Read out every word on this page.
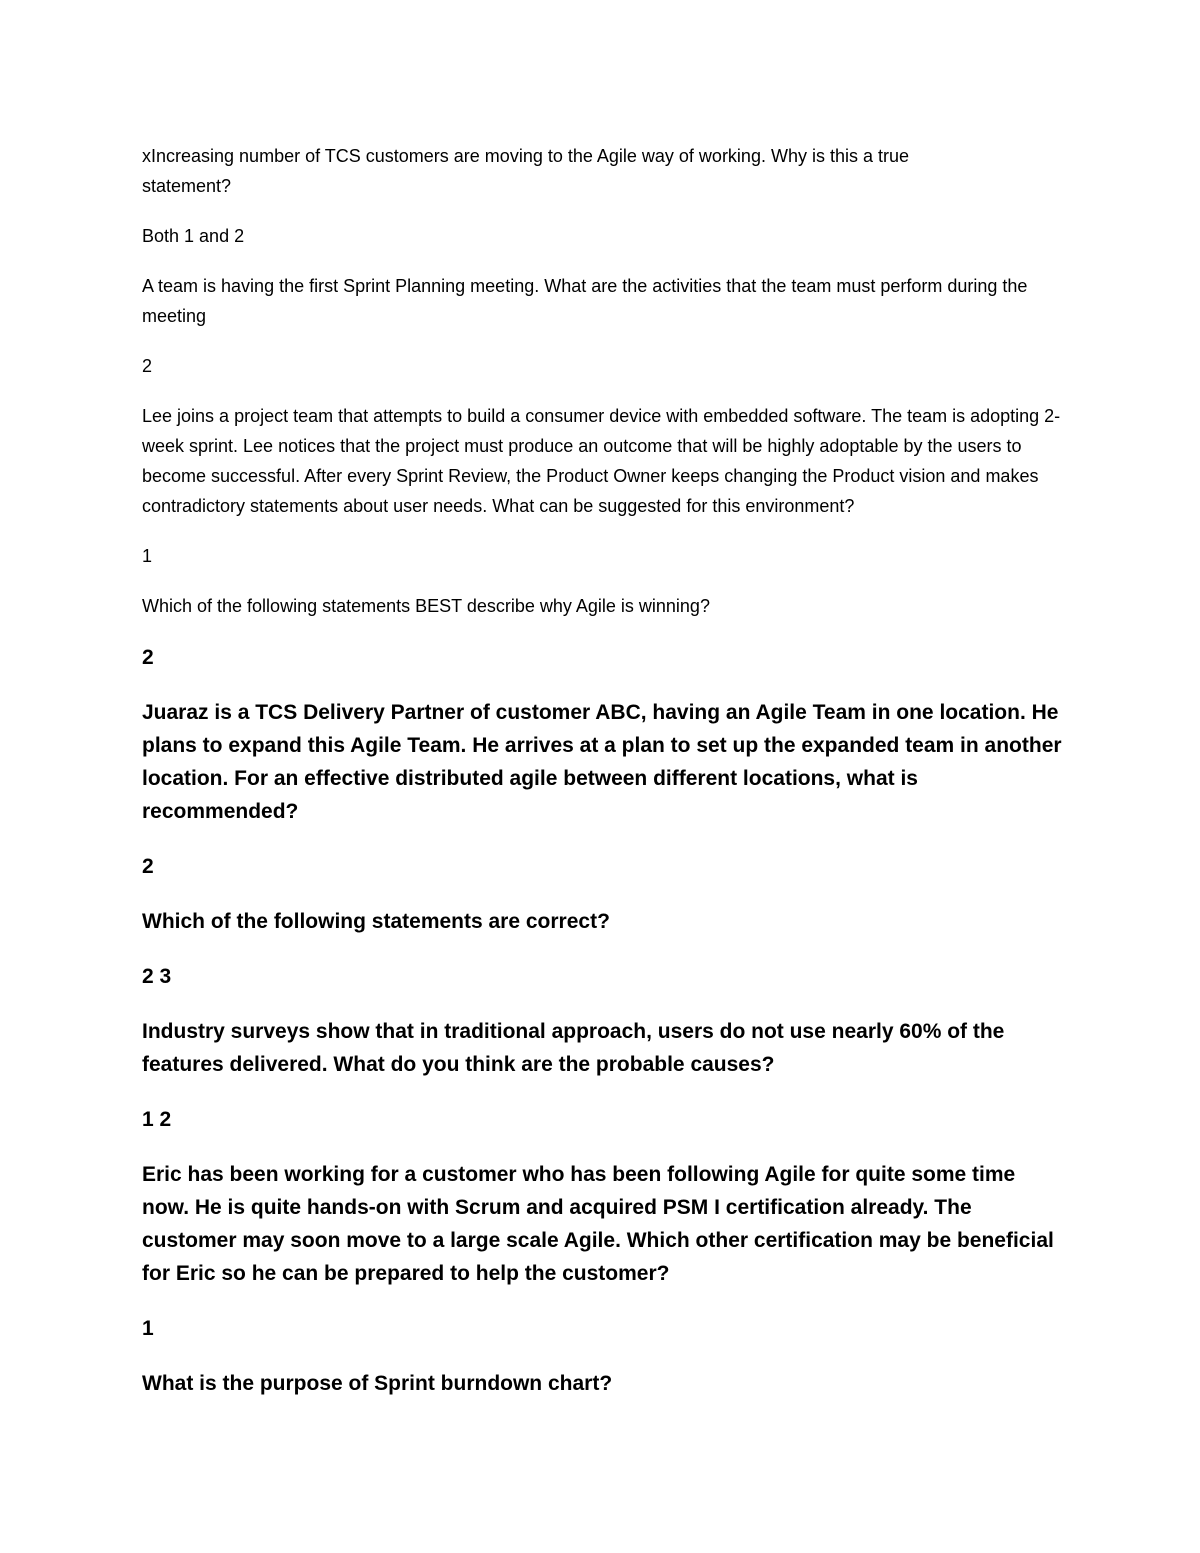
xIncreasing number of TCS customers are moving to the Agile way of working. Why is this a true statement?

Both 1 and 2

A team is having the first Sprint Planning meeting. What are the activities that the team must perform during the meeting

2

Lee joins a project team that attempts to build a consumer device with embedded software. The team is adopting 2-week sprint. Lee notices that the project must produce an outcome that will be highly adoptable by the users to become successful. After every Sprint Review, the Product Owner keeps changing the Product vision and makes contradictory statements about user needs. What can be suggested for this environment?

1

Which of the following statements BEST describe why Agile is winning?

2

Juaraz is a TCS Delivery Partner of customer ABC, having an Agile Team in one location. He plans to expand this Agile Team. He arrives at a plan to set up the expanded team in another location. For an effective distributed agile between different locations, what is recommended?

2

Which of the following statements are correct?

2 3

Industry surveys show that in traditional approach, users do not use nearly 60% of the features delivered. What do you think are the probable causes?

1 2

Eric has been working for a customer who has been following Agile for quite some time now. He is quite hands-on with Scrum and acquired PSM I certification already. The customer may soon move to a large scale Agile. Which other certification may be beneficial for Eric so he can be prepared to help the customer?

1

What is the purpose of Sprint burndown chart?
